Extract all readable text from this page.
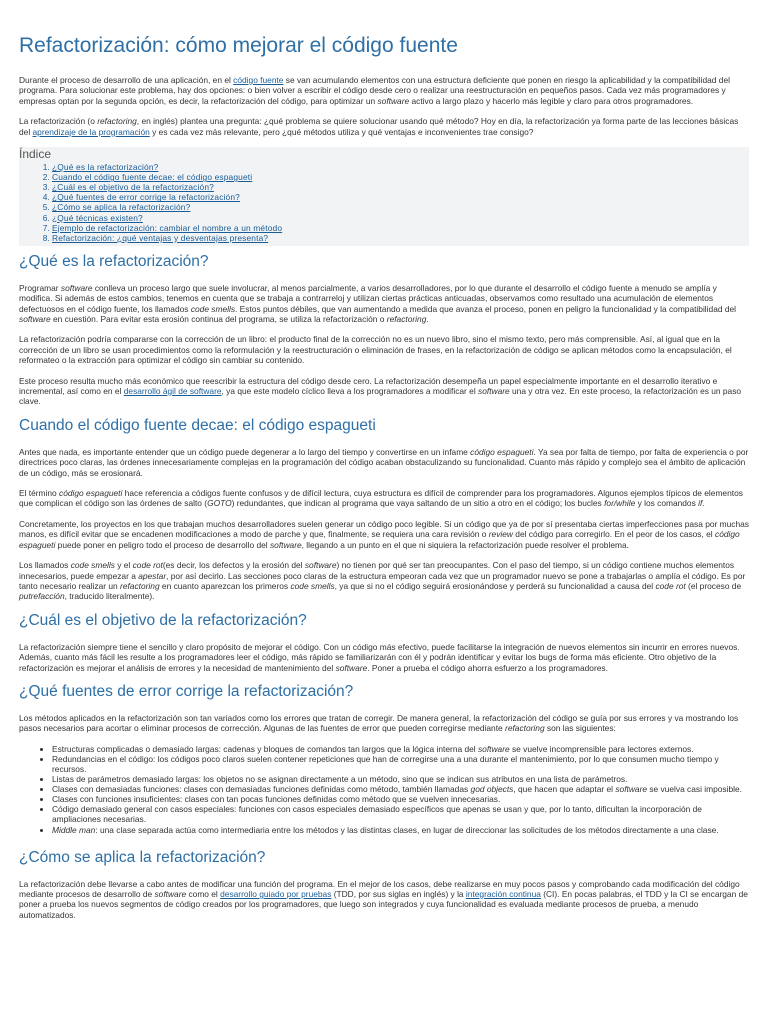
Refactorización: cómo mejorar el código fuente

Durante el proceso de desarrollo de una aplicación, en el código fuente se van acumulando elementos con una estructura deficiente que ponen en riesgo la aplicabilidad y la compatibilidad del programa. Para solucionar este problema, hay dos opciones: o bien volver a escribir el código desde cero o realizar una reestructuración en pequeños pasos. Cada vez más programadores y empresas optan por la segunda opción, es decir, la refactorización del código, para optimizar un software activo a largo plazo y hacerlo más legible y claro para otros programadores.

La refactorización (o refactoring, en inglés) plantea una pregunta: ¿qué problema se quiere solucionar usando qué método? Hoy en día, la refactorización ya forma parte de las lecciones básicas del aprendizaje de la programación y es cada vez más relevante, pero ¿qué métodos utiliza y qué ventajas e inconvenientes trae consigo?

Índice
1. ¿Qué es la refactorización?
2. Cuando el código fuente decae: el código espagueti
3. ¿Cuál es el objetivo de la refactorización?
4. ¿Qué fuentes de error corrige la refactorización?
5. ¿Cómo se aplica la refactorización?
6. ¿Qué técnicas existen?
7. Ejemplo de refactorización: cambiar el nombre a un método
8. Refactorización: ¿qué ventajas y desventajas presenta?
¿Qué es la refactorización?

Programar software conlleva un proceso largo que suele involucrar, al menos parcialmente, a varios desarrolladores, por lo que durante el desarrollo el código fuente a menudo se amplía y modifica. Si además de estos cambios, tenemos en cuenta que se trabaja a contrarreloj y utilizan ciertas prácticas anticuadas, observamos como resultado una acumulación de elementos defectuosos en el código fuente, los llamados code smells. Estos puntos débiles, que van aumentando a medida que avanza el proceso, ponen en peligro la funcionalidad y la compatibilidad del software en cuestión. Para evitar esta erosión continua del programa, se utiliza la refactorización o refactoring.

La refactorización podría compararse con la corrección de un libro: el producto final de la corrección no es un nuevo libro, sino el mismo texto, pero más comprensible. Así, al igual que en la corrección de un libro se usan procedimientos como la reformulación y la reestructuración o eliminación de frases, en la refactorización de código se aplican métodos como la encapsulación, el reformateo o la extracción para optimizar el código sin cambiar su contenido.

Este proceso resulta mucho más económico que reescribir la estructura del código desde cero. La refactorización desempeña un papel especialmente importante en el desarrollo iterativo e incremental, así como en el desarrollo ágil de software, ya que este modelo cíclico lleva a los programadores a modificar el software una y otra vez. En este proceso, la refactorización es un paso clave.

Cuando el código fuente decae: el código espagueti

Antes que nada, es importante entender que un código puede degenerar a lo largo del tiempo y convertirse en un infame código espagueti. Ya sea por falta de tiempo, por falta de experiencia o por directrices poco claras, las órdenes innecesariamente complejas en la programación del código acaban obstaculizando su funcionalidad. Cuanto más rápido y complejo sea el ámbito de aplicación de un código, más se erosionará.

El término código espagueti hace referencia a códigos fuente confusos y de difícil lectura, cuya estructura es difícil de comprender para los programadores. Algunos ejemplos típicos de elementos que complican el código son las órdenes de salto (GOTO) redundantes, que indican al programa que vaya saltando de un sitio a otro en el código; los bucles for/while y los comandos if.

Concretamente, los proyectos en los que trabajan muchos desarrolladores suelen generar un código poco legible. Si un código que ya de por sí presentaba ciertas imperfecciones pasa por muchas manos, es difícil evitar que se encadenen modificaciones a modo de parche y que, finalmente, se requiera una cara revisión o review del código para corregirlo. En el peor de los casos, el código espagueti puede poner en peligro todo el proceso de desarrollo del software, llegando a un punto en el que ni siquiera la refactorización puede resolver el problema.

Los llamados code smells y el code rot(es decir, los defectos y la erosión del software) no tienen por qué ser tan preocupantes. Con el paso del tiempo, si un código contiene muchos elementos innecesarios, puede empezar a apestar, por así decirlo. Las secciones poco claras de la estructura empeoran cada vez que un programador nuevo se pone a trabajarlas o amplía el código. Es por tanto necesario realizar un refactoring en cuanto aparezcan los primeros code smells, ya que si no el código seguirá erosionándose y perderá su funcionalidad a causa del code rot (el proceso de putrefacción, traducido literalmente).

¿Cuál es el objetivo de la refactorización?

La refactorización siempre tiene el sencillo y claro propósito de mejorar el código. Con un código más efectivo, puede facilitarse la integración de nuevos elementos sin incurrir en errores nuevos. Además, cuanto más fácil les resulte a los programadores leer el código, más rápido se familiarizarán con él y podrán identificar y evitar los bugs de forma más eficiente. Otro objetivo de la refactorización es mejorar el análisis de errores y la necesidad de mantenimiento del software. Poner a prueba el código ahorra esfuerzo a los programadores.

¿Qué fuentes de error corrige la refactorización?

Los métodos aplicados en la refactorización son tan variados como los errores que tratan de corregir. De manera general, la refactorización del código se guía por sus errores y va mostrando los pasos necesarios para acortar o eliminar procesos de corrección. Algunas de las fuentes de error que pueden corregirse mediante refactoring son las siguientes:

• Estructuras complicadas o demasiado largas: cadenas y bloques de comandos tan largos que la lógica interna del software se vuelve incomprensible para lectores externos.
• Redundancias en el código: los códigos poco claros suelen contener repeticiones que han de corregirse una a una durante el mantenimiento, por lo que consumen mucho tiempo y recursos.
• Listas de parámetros demasiado largas: los objetos no se asignan directamente a un método, sino que se indican sus atributos en una lista de parámetros.
• Clases con demasiadas funciones: clases con demasiadas funciones definidas como método, también llamadas god objects, que hacen que adaptar el software se vuelva casi imposible.
• Clases con funciones insuficientes: clases con tan pocas funciones definidas como método que se vuelven innecesarias.
• Código demasiado general con casos especiales: funciones con casos especiales demasiado específicos que apenas se usan y que, por lo tanto, dificultan la incorporación de ampliaciones necesarias.
• Middle man: una clase separada actúa como intermediaria entre los métodos y las distintas clases, en lugar de direccionar las solicitudes de los métodos directamente a una clase.
¿Cómo se aplica la refactorización?

La refactorización debe llevarse a cabo antes de modificar una función del programa. En el mejor de los casos, debe realizarse en muy pocos pasos y comprobando cada modificación del código mediante procesos de desarrollo de software como el desarrollo guiado por pruebas (TDD, por sus siglas en inglés) y la integración continua (CI). En pocas palabras, el TDD y la CI se encargan de poner a prueba los nuevos segmentos de código creados por los programadores, que luego son integrados y cuya funcionalidad es evaluada mediante procesos de prueba, a menudo automatizados.
